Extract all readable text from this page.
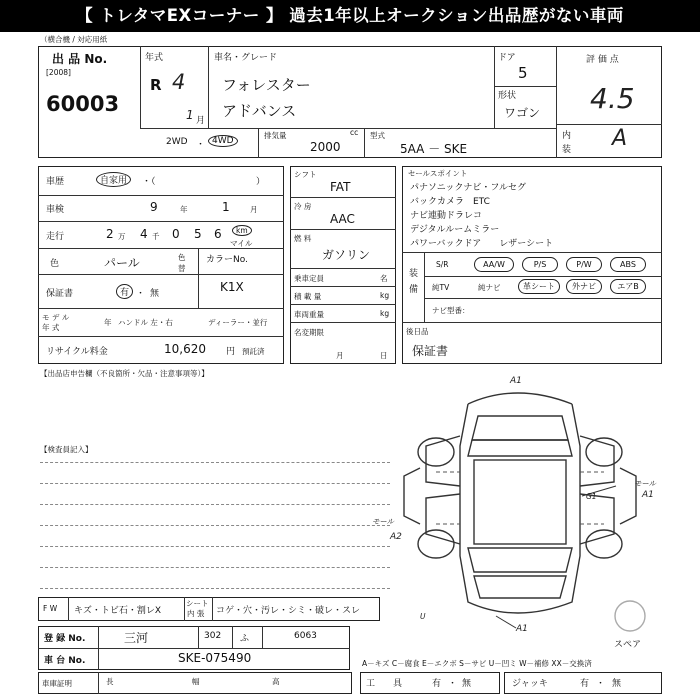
【 トレタマEXコーナー 】 過去1年以上オークション出品歴がない車両
（横合機 / 対応用紙
出 品 No.
[2008]
60003
年式
R 4
1 月
車名・グレード
フォレスター
アドバンス
ドア
5
形状
ワゴン
評 価 点
4.5
内
装 A
2WD ・ 4WD
排気量	cc
2000
型式
5AA － SKE
車歴	自家用	・（	）
車検	9	年	1	月
走行	2 万 4 千 0 5 6	km
マイル
色	パール	色
替
カラーNo.
K1X
保証書	有 ・ 無
モ デ ル
年 式
年 ハンドル 左・右	ディーラー・並行
リサイクル料金	10,620 円 預託済
シフト
FAT
冷 房
AAC
燃 料
ガソリン
乗車定員	名
積 載 量	kg
車両重量	kg
名変期限
月	日
セールスポイント
パナソニックナビ・フルセグ
バックカメラ　ETC
ナビ連動ドラレコ
デジタルルームミラー
パワーバックドア　　レザーシート
装
備
S/R	AA/W	P/S	P/W	ABS
純TV	純ナビ	革シート	外ナビ	エアB
ナビ型番：
後日品
保証書
【出品店申告欄（不良箇所・欠品・注意事項等）】
【検査員記入】
A1
モール
A1
G1
モール
A2
U
A1
スペア
F W キズ・トビ石・割レX
シート
内 張 コゲ・穴・汚レ・シミ・破レ・スレ
登 録 No.	三河	302 ふ	6063
車 台 No.	SKE-075490	A－キズ C－腐食 E－エクボ S－サビ U－凹ミ W－補修 XX－交換済
車庫証明	長	幅	高	工　　具	有 ・ 無	ジャッキ	有 ・ 無
